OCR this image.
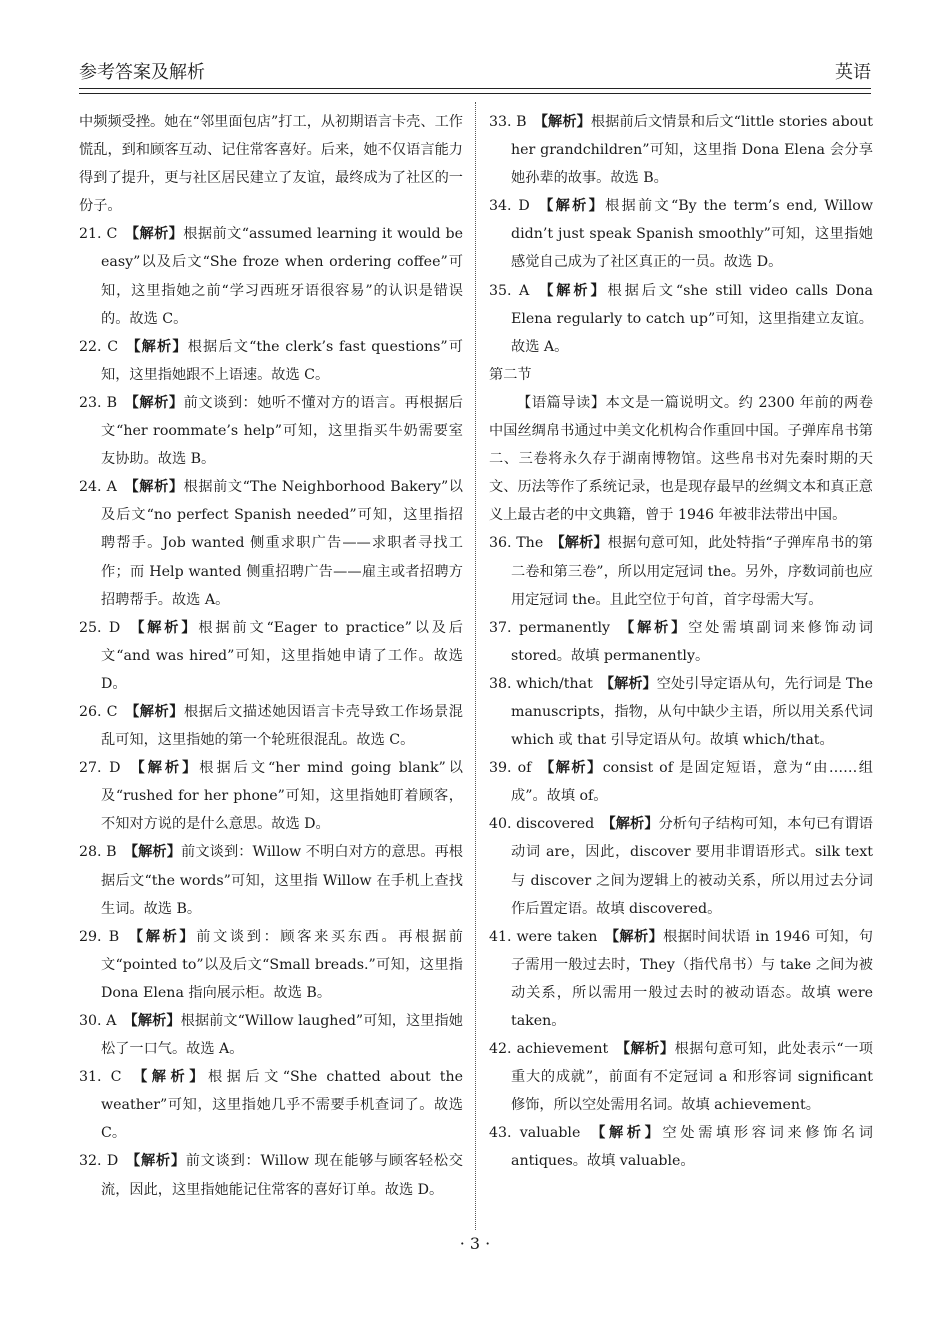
参考答案及解析	英语

中频频受挫。她在“邻里面包店”打工，从初期语言卡壳、工作慌乱，到和顾客互动、记住常客喜好。后来，她不仅语言能力得到了提升，更与社区居民建立了友谊，最终成为了社区的一份子。

21. C  【解析】根据前文“assumed learning it would be easy”以及后文“She froze when ordering coffee”可知，这里指她之前“学习西班牙语很容易”的认识是错误的。故选 C。

22. C  【解析】根据后文“the clerk’s fast questions”可知，这里指她跟不上语速。故选 C。

23. B  【解析】前文谈到：她听不懂对方的语言。再根据后文“her roommate’s help”可知，这里指买牛奶需要室友协助。故选 B。

24. A  【解析】根据前文“The Neighborhood Bakery”以及后文“no perfect Spanish needed”可知，这里指招聘帮手。Job wanted 侧重求职广告——求职者寻找工作；而 Help wanted 侧重招聘广告——雇主或者招聘方招聘帮手。故选 A。

25. D  【解析】根据前文“Eager to practice”以及后文“and was hired”可知，这里指她申请了工作。故选 D。

26. C  【解析】根据后文描述她因语言卡壳导致工作场景混乱可知，这里指她的第一个轮班很混乱。故选 C。

27. D  【解析】根据后文“her mind going blank”以及“rushed for her phone”可知，这里指她盯着顾客，不知对方说的是什么意思。故选 D。

28. B  【解析】前文谈到：Willow 不明白对方的意思。再根据后文“the words”可知，这里指 Willow 在手机上查找生词。故选 B。

29. B  【解析】前文谈到：顾客来买东西。再根据前文“pointed to”以及后文“Small breads.”可知，这里指 Dona Elena 指向展示柜。故选 B。

30. A  【解析】根据前文“Willow laughed”可知，这里指她松了一口气。故选 A。

31. C  【解析】根据后文“She chatted about the weather”可知，这里指她几乎不需要手机查词了。故选 C。

32. D  【解析】前文谈到：Willow 现在能够与顾客轻松交流，因此，这里指她能记住常客的喜好订单。故选 D。

33. B  【解析】根据前后文情景和后文“little stories about her grandchildren”可知，这里指 Dona Elena 会分享她孙辈的故事。故选 B。

34. D  【解析】根据前文“By the term’s end, Willow didn’t just speak Spanish smoothly”可知，这里指她感觉自己成为了社区真正的一员。故选 D。

35. A  【解析】根据后文“she still video calls Dona Elena regularly to catch up”可知，这里指建立友谊。故选 A。

第二节

【语篇导读】本文是一篇说明文。约 2300 年前的两卷中国丝绸帛书通过中美文化机构合作重回中国。子弹库帛书第二、三卷将永久存于湖南博物馆。这些帛书对先秦时期的天文、历法等作了系统记录，也是现存最早的丝绸文本和真正意义上最古老的中文典籍，曾于 1946 年被非法带出中国。

36. The  【解析】根据句意可知，此处特指“子弹库帛书的第二卷和第三卷”，所以用定冠词 the。另外，序数词前也应用定冠词 the。且此空位于句首，首字母需大写。

37. permanently  【解析】空处需填副词来修饰动词 stored。故填 permanently。

38. which/that  【解析】空处引导定语从句，先行词是 The manuscripts，指物，从句中缺少主语，所以用关系代词 which 或 that 引导定语从句。故填 which/that。

39. of  【解析】consist of 是固定短语，意为“由……组成”。故填 of。

40. discovered  【解析】分析句子结构可知，本句已有谓语动词 are，因此，discover 要用非谓语形式。silk text 与 discover 之间为逻辑上的被动关系，所以用过去分词作后置定语。故填 discovered。

41. were taken  【解析】根据时间状语 in 1946 可知，句子需用一般过去时，They（指代帛书）与 take 之间为被动关系，所以需用一般过去时的被动语态。故填 were taken。

42. achievement  【解析】根据句意可知，此处表示“一项重大的成就”，前面有不定冠词 a 和形容词 significant 修饰，所以空处需用名词。故填 achievement。

43. valuable  【解析】空处需填形容词来修饰名词 antiques。故填 valuable。

· 3 ·
